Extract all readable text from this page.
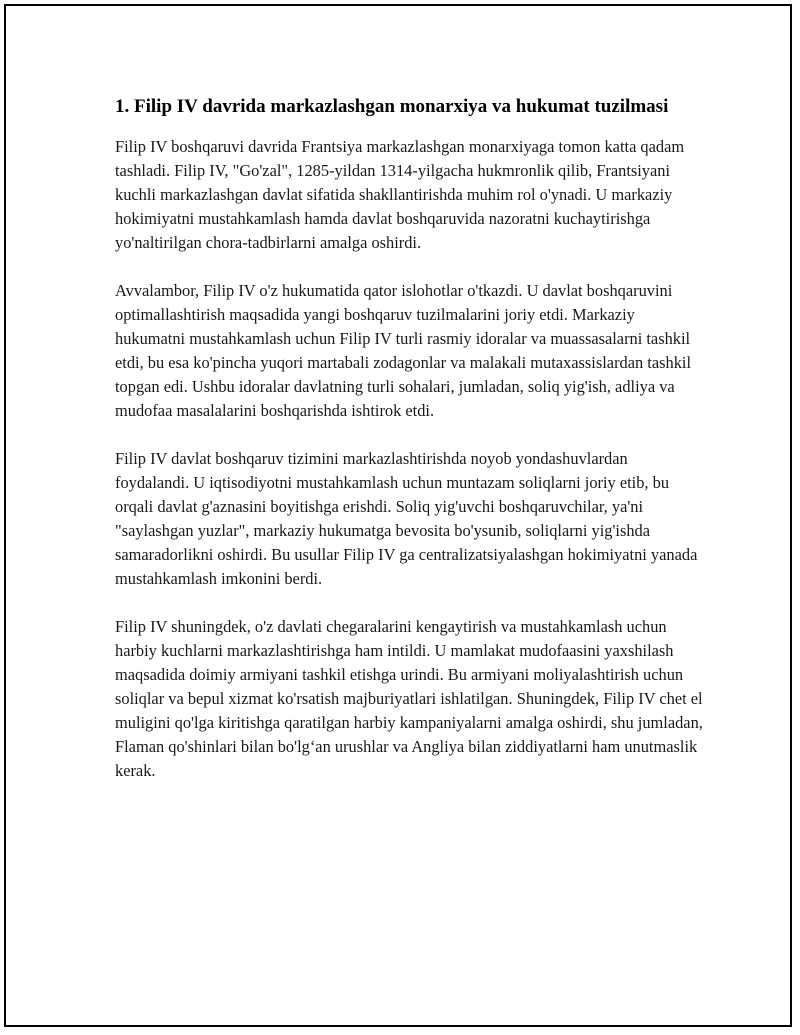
1. Filip IV davrida markazlashgan monarxiya va hukumat tuzilmasi

Filip IV boshqaruvi davrida Frantsiya markazlashgan monarxiyaga tomon katta qadam tashladi. Filip IV, "Go'zal", 1285-yildan 1314-yilgacha hukmronlik qilib, Frantsiyani kuchli markazlashgan davlat sifatida shakllantirishda muhim rol o'ynadi. U markaziy hokimiyatni mustahkamlash hamda davlat boshqaruvida nazoratni kuchaytirishga yo'naltirilgan chora-tadbirlarni amalga oshirdi.

Avvalambor, Filip IV o'z hukumatida qator islohotlar o'tkazdi. U davlat boshqaruvini optimallashtirish maqsadida yangi boshqaruv tuzilmalarini joriy etdi. Markaziy hukumatni mustahkamlash uchun Filip IV turli rasmiy idoralar va muassasalarni tashkil etdi, bu esa ko'pincha yuqori martabali zodagonlar va malakali mutaxassislardan tashkil topgan edi. Ushbu idoralar davlatning turli sohalari, jumladan, soliq yig'ish, adliya va mudofaa masalalarini boshqarishda ishtirok etdi.

Filip IV davlat boshqaruv tizimini markazlashtirishda noyob yondashuvlardan foydalandi. U iqtisodiyotni mustahkamlash uchun muntazam soliqlarni joriy etib, bu orqali davlat g'aznasini boyitishga erishdi. Soliq yig'uvchi boshqaruvchilar, ya'ni "saylashgan yuzlar", markaziy hukumatga bevosita bo'ysunib, soliqlarni yig'ishda samaradorlikni oshirdi. Bu usullar Filip IV ga centralizatsiyalashgan hokimiyatni yanada mustahkamlash imkonini berdi.

Filip IV shuningdek, o'z davlati chegaralarini kengaytirish va mustahkamlash uchun harbiy kuchlarni markazlashtirishga ham intildi. U mamlakat mudofaasini yaxshilash maqsadida doimiy armiyani tashkil etishga urindi. Bu armiyani moliyalashtirish uchun soliqlar va bepul xizmat ko'rsatish majburiyatlari ishlatilgan. Shuningdek, Filip IV chet el muligini qo'lga kiritishga qaratilgan harbiy kampaniyalarni amalga oshirdi, shu jumladan, Flaman qo'shinlari bilan bo'lg‘an urushlar va Angliya bilan ziddiyatlarni ham unutmaslik kerak.
